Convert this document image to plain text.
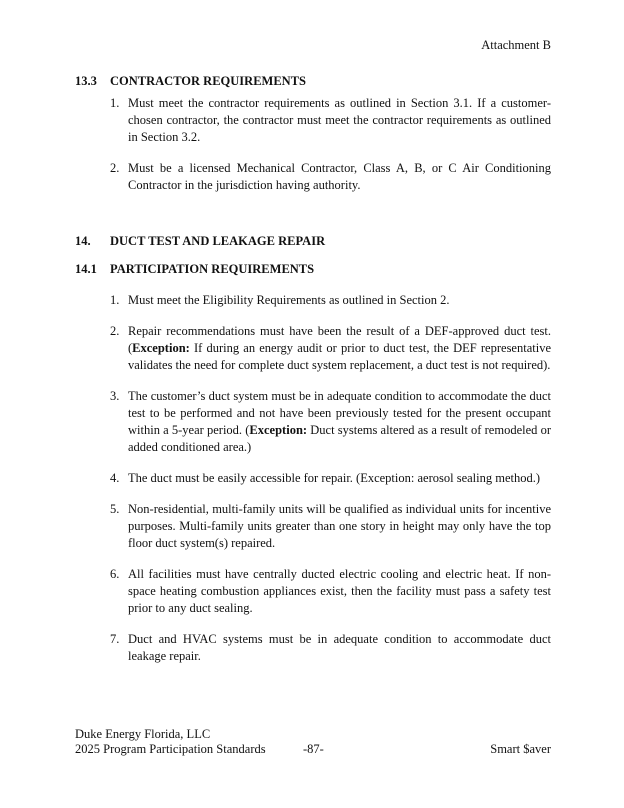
Attachment B
13.3 CONTRACTOR REQUIREMENTS
1. Must meet the contractor requirements as outlined in Section 3.1. If a customer-chosen contractor, the contractor must meet the contractor requirements as outlined in Section 3.2.
2. Must be a licensed Mechanical Contractor, Class A, B, or C Air Conditioning Contractor in the jurisdiction having authority.
14. DUCT TEST AND LEAKAGE REPAIR
14.1 PARTICIPATION REQUIREMENTS
1. Must meet the Eligibility Requirements as outlined in Section 2.
2. Repair recommendations must have been the result of a DEF-approved duct test. (Exception: If during an energy audit or prior to duct test, the DEF representative validates the need for complete duct system replacement, a duct test is not required).
3. The customer’s duct system must be in adequate condition to accommodate the duct test to be performed and not have been previously tested for the present occupant within a 5-year period. (Exception: Duct systems altered as a result of remodeled or added conditioned area.)
4. The duct must be easily accessible for repair. (Exception: aerosol sealing method.)
5. Non-residential, multi-family units will be qualified as individual units for incentive purposes. Multi-family units greater than one story in height may only have the top floor duct system(s) repaired.
6. All facilities must have centrally ducted electric cooling and electric heat. If non-space heating combustion appliances exist, then the facility must pass a safety test prior to any duct sealing.
7. Duct and HVAC systems must be in adequate condition to accommodate duct leakage repair.
Duke Energy Florida, LLC
2025 Program Participation Standards	-87-	Smart $aver
